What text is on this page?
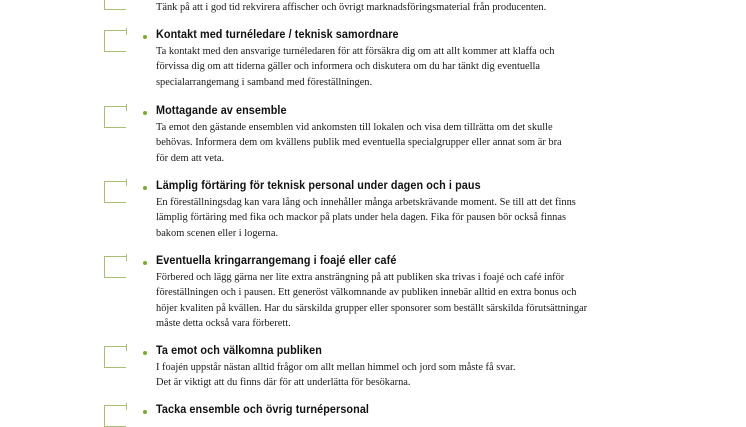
Tänk på att i god tid rekvirera affischer och övrigt marknadsföringsmaterial från producenten.

Kontakt med turnéledare / teknisk samordnare

Ta kontakt med den ansvarige turnéledaren för att försäkra dig om att allt kommer att klaffa och
förvissa dig om att tiderna gäller och informera och diskutera om du har tänkt dig eventuella
specialarrangemang i samband med föreställningen.

Mottagande av ensemble

Ta emot den gästande ensemblen vid ankomsten till lokalen och visa dem tillrätta om det skulle
behövas. Informera dem om kvällens publik med eventuella specialgrupper eller annat som är bra
för dem att veta.

Lämplig förtäring för teknisk personal under dagen och i paus

En föreställningsdag kan vara lång och innehåller många arbetskrävande moment. Se till att det finns
lämplig förtäring med fika och mackor på plats under hela dagen. Fika för pausen bör också finnas
bakom scenen eller i logerna.

Eventuella kringarrangemang i foajé eller café

Förbered och lägg gärna ner lite extra ansträngning på att publiken ska trivas i foajé och café inför
föreställningen och i pausen. Ett generöst välkomnande av publiken innebär alltid en extra bonus och
höjer kvaliten på kvällen. Har du särskilda grupper eller sponsorer som beställt särskilda förutsättningar
måste detta också vara förberett.

Ta emot och välkomna publiken

I foajén uppstår nästan alltid frågor om allt mellan himmel och jord som måste få svar.
Det är viktigt att du finns där för att underlätta för besökarna.

Tacka ensemble och övrig turnépersonal
